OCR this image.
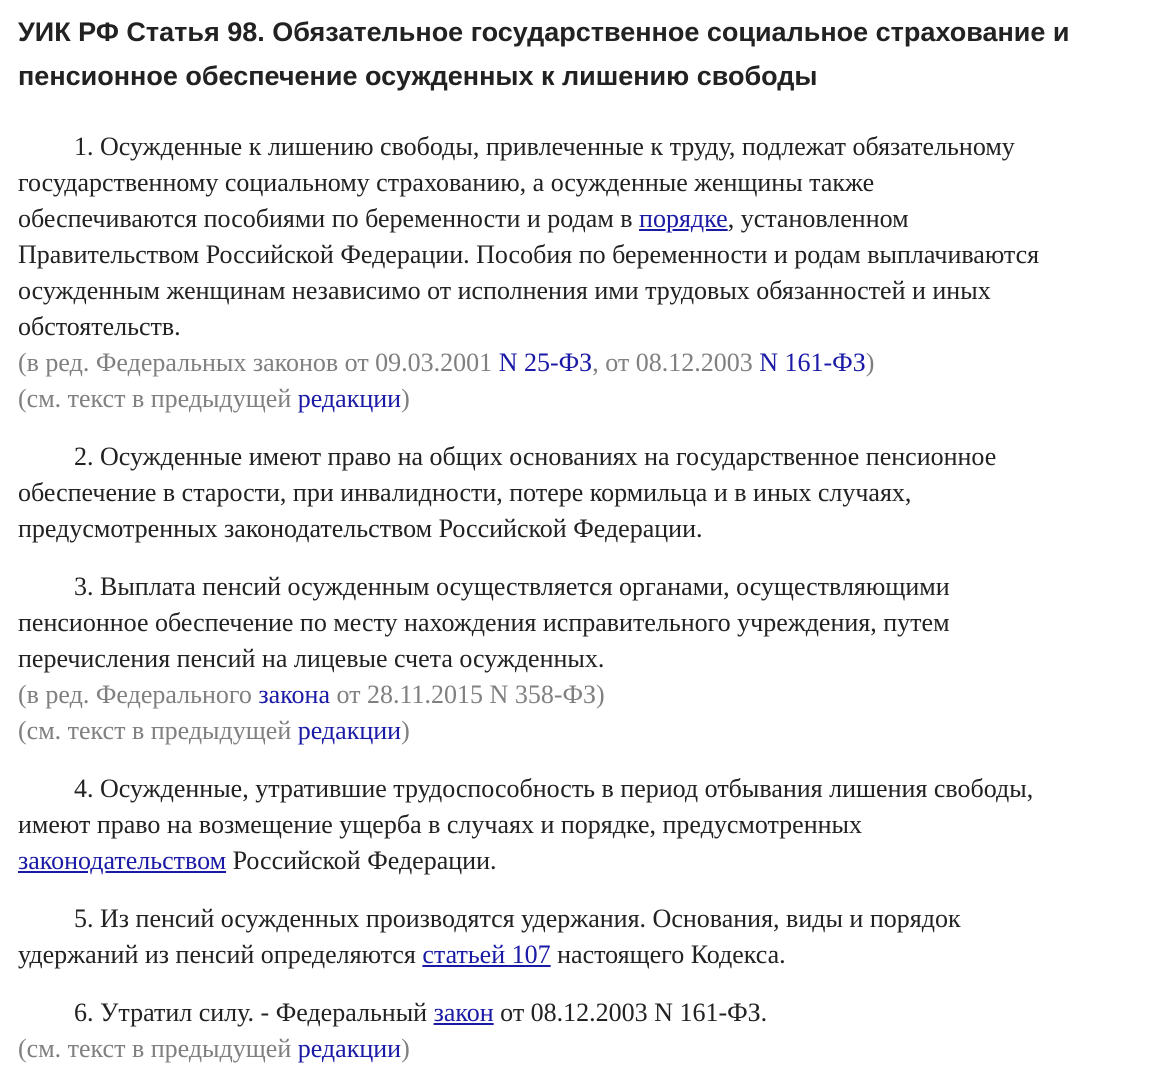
УИК РФ Статья 98. Обязательное государственное социальное страхование и
пенсионное обеспечение осужденных к лишению свободы

1. Осужденные к лишению свободы, привлеченные к труду, подлежат обязательному
государственному социальному страхованию, а осужденные женщины также
обеспечиваются пособиями по беременности и родам в порядке, установленном
Правительством Российской Федерации. Пособия по беременности и родам выплачиваются
осужденным женщинам независимо от исполнения ими трудовых обязанностей и иных
обстоятельств.

(в ред. Федеральных законов от 09.03.2001 N 25-ФЗ, от 08.12.2003 N 161-ФЗ)
(см. текст в предыдущей редакции)

2. Осужденные имеют право на общих основаниях на государственное пенсионное
обеспечение в старости, при инвалидности, потере кормильца и в иных случаях,
предусмотренных законодательством Российской Федерации.

3. Выплата пенсий осужденным осуществляется органами, осуществляющими
пенсионное обеспечение по месту нахождения исправительного учреждения, путем
перечисления пенсий на лицевые счета осужденных.

(в ред. Федерального закона от 28.11.2015 N 358-ФЗ)
(см. текст в предыдущей редакции)

4. Осужденные, утратившие трудоспособность в период отбывания лишения свободы,
имеют право на возмещение ущерба в случаях и порядке, предусмотренных
законодательством Российской Федерации.

5. Из пенсий осужденных производятся удержания. Основания, виды и порядок
удержаний из пенсий определяются статьей 107 настоящего Кодекса.

6. Утратил силу. - Федеральный закон от 08.12.2003 N 161-ФЗ.

(см. текст в предыдущей редакции)
